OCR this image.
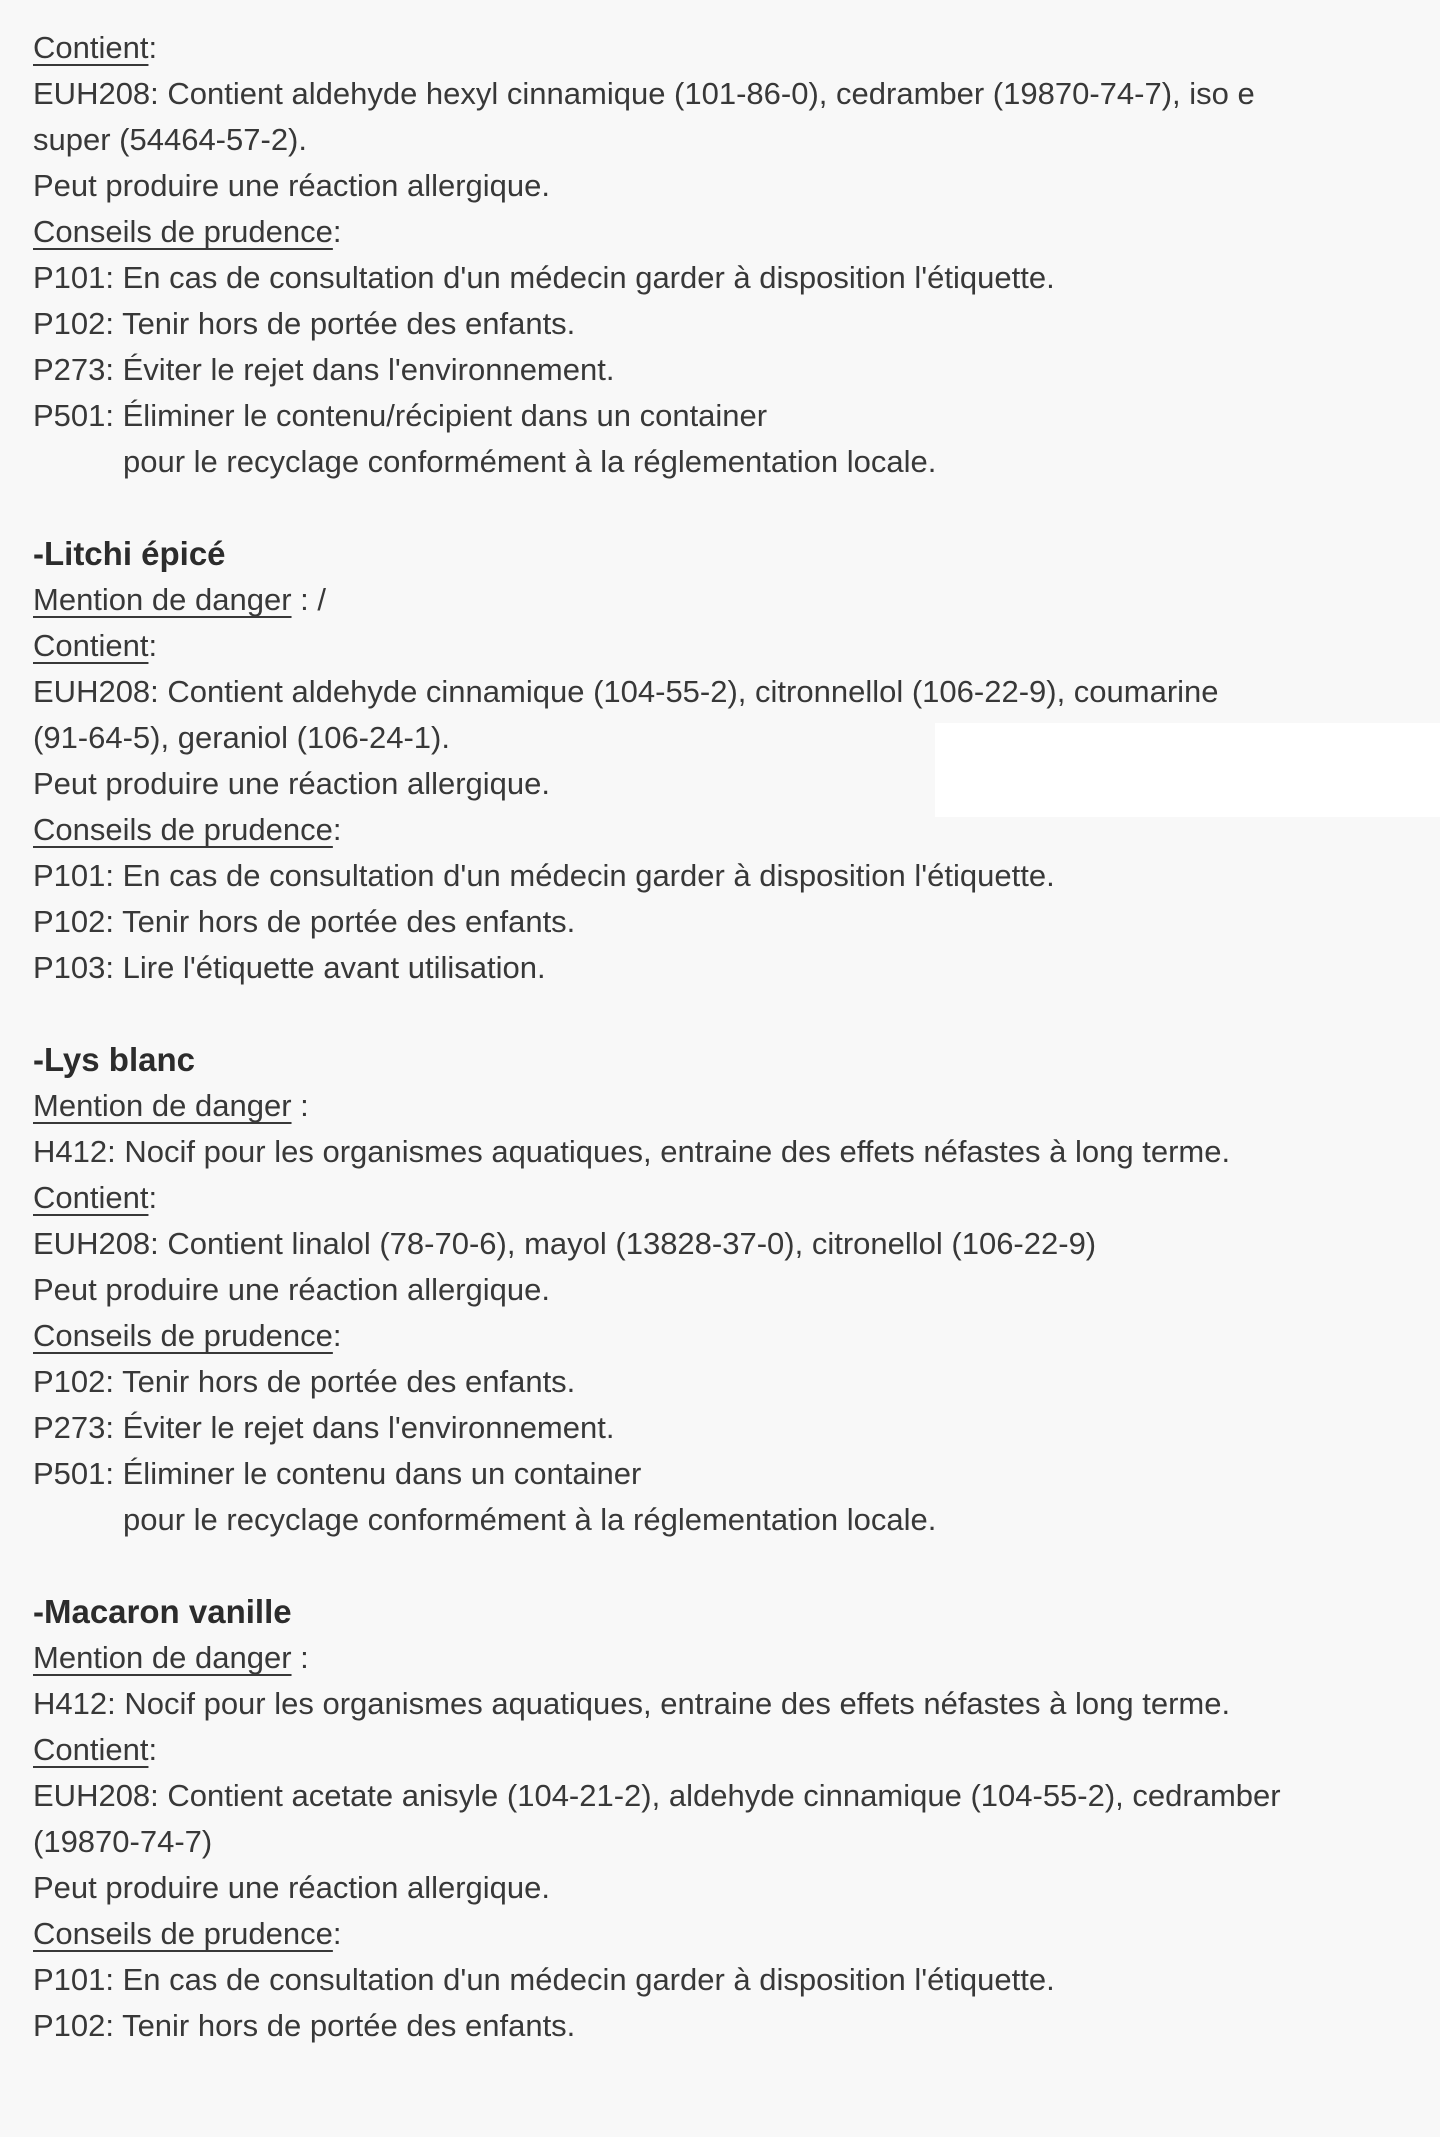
Contient:
EUH208: Contient aldehyde hexyl cinnamique (101-86-0), cedramber (19870-74-7), iso e
super (54464-57-2).
Peut produire une réaction allergique.
Conseils de prudence:
P101: En cas de consultation d'un médecin garder à disposition l'étiquette.
P102: Tenir hors de portée des enfants.
P273: Éviter le rejet dans l'environnement.
P501: Éliminer le contenu/récipient dans un container
pour le recyclage conformément à la réglementation locale.
-Litchi épicé
Mention de danger : /
Contient:
EUH208: Contient aldehyde cinnamique (104-55-2), citronnellol (106-22-9), coumarine
(91-64-5), geraniol (106-24-1).
Peut produire une réaction allergique.
Conseils de prudence:
P101: En cas de consultation d'un médecin garder à disposition l'étiquette.
P102: Tenir hors de portée des enfants.
P103: Lire l'étiquette avant utilisation.
-Lys blanc
Mention de danger :
H412: Nocif pour les organismes aquatiques, entraine des effets néfastes à long terme.
Contient:
EUH208: Contient linalol (78-70-6), mayol (13828-37-0), citronellol (106-22-9)
Peut produire une réaction allergique.
Conseils de prudence:
P102: Tenir hors de portée des enfants.
P273: Éviter le rejet dans l'environnement.
P501: Éliminer le contenu dans un container
pour le recyclage conformément à la réglementation locale.
-Macaron vanille
Mention de danger :
H412: Nocif pour les organismes aquatiques, entraine des effets néfastes à long terme.
Contient:
EUH208: Contient acetate anisyle (104-21-2), aldehyde cinnamique (104-55-2), cedramber
(19870-74-7)
Peut produire une réaction allergique.
Conseils de prudence:
P101: En cas de consultation d'un médecin garder à disposition l'étiquette.
P102: Tenir hors de portée des enfants.
